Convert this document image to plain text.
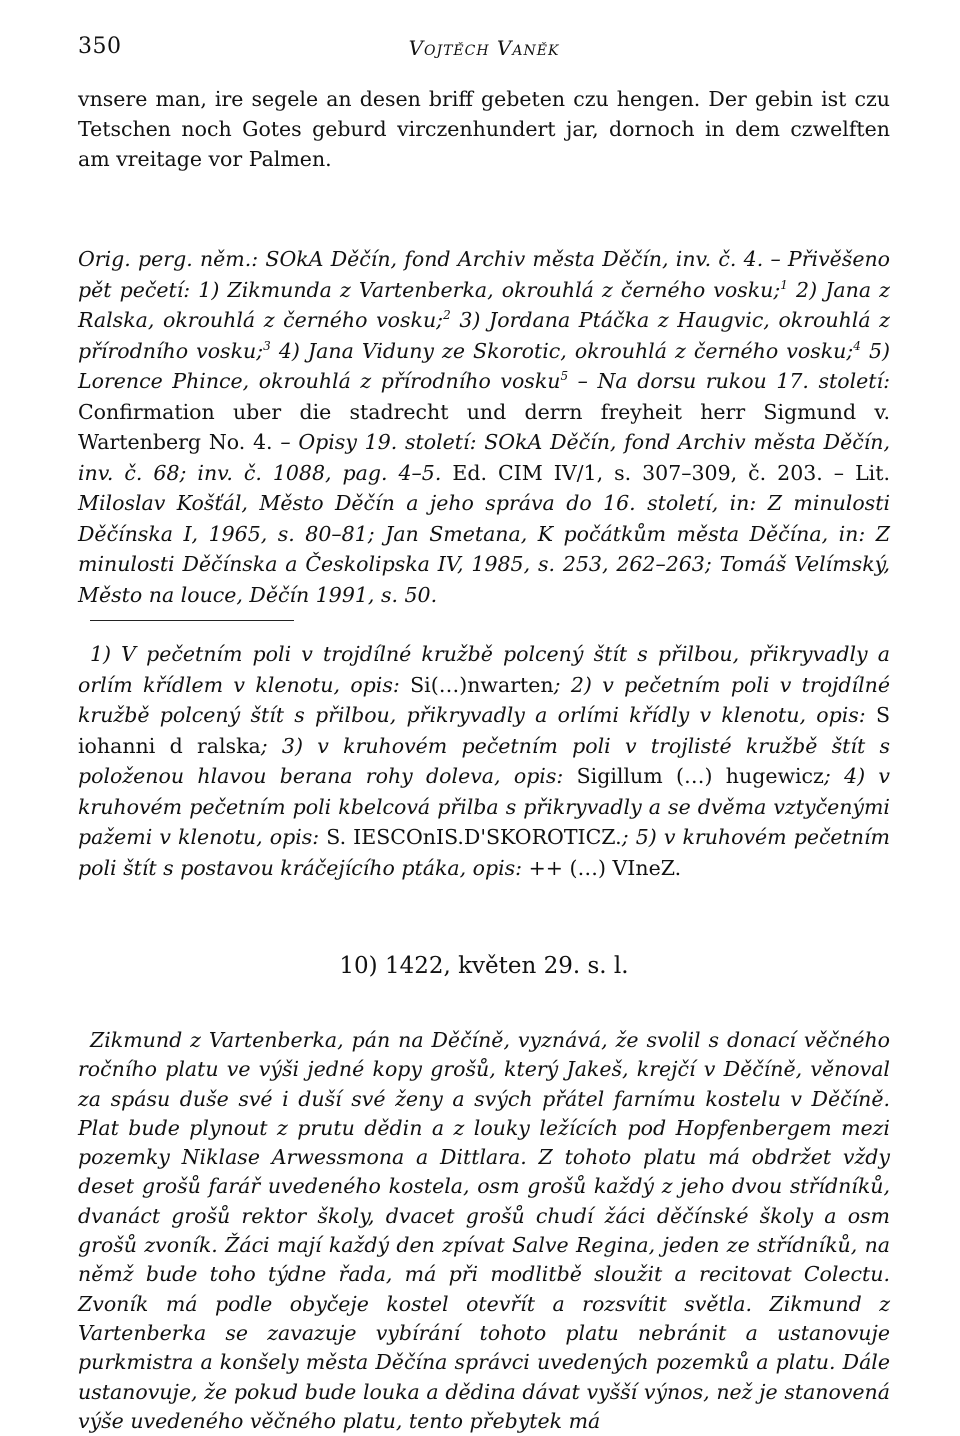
350	Vojtěch Vaněk

vnsere man, ire segele an desen briff gebeten czu hengen. Der gebin ist czu Tetschen noch Gotes geburd virczenhundert jar, dornoch in dem czwelften am vreitage vor Palmen.

Orig. perg. něm.: SOkA Děčín, fond Archiv města Děčín, inv. č. 4. – Přivěšeno pět pečetí: 1) Zikmunda z Vartenberka, okrouhlá z černého vosku;$^1$ 2) Jana z Ralska, okrouhlá z černého vosku;$^2$ 3) Jordana Ptáčka z Haugvic, okrouhlá z přírodního vosku;$^3$ 4) Jana Viduny ze Skorotic, okrouhlá z černého vosku;$^4$ 5) Lorence Phince, okrouhlá z přírodního vosku$^5$ – Na dorsu rukou 17. století: Confirmation uber die stadrecht und derrn freyheit herr Sigmund v. Wartenberg No. 4. – Opisy 19. století: SOkA Děčín, fond Archiv města Děčín, inv. č. 68; inv. č. 1088, pag. 4–5. Ed. CIM IV/1, s. 307–309, č. 203. – Lit. Miloslav Košťál, Město Děčín a jeho správa do 16. století, in: Z minulosti Děčínska I, 1965, s. 80–81; Jan Smetana, K počátkům města Děčína, in: Z minulosti Děčínska a Českolipska IV, 1985, s. 253, 262–263; Tomáš Velímský, Město na louce, Děčín 1991, s. 50.

1) V pečetním poli v trojdílné kružbě polcený štít s přilbou, přikryvadly a orlím křídlem v klenotu, opis: Si(…)nwarten; 2) v pečetním poli v trojdílné kružbě polcený štít s přilbou, přikryvadly a orlími křídly v klenotu, opis: S iohanni d ralska; 3) v kruhovém pečetním poli v trojlisté kružbě štít s položenou hlavou berana rohy doleva, opis: Sigillum (…) hugewicz; 4) v kruhovém pečetním poli kbelcová přilba s přikryvadly a se dvěma vztyčenými pažemi v klenotu, opis: S. IESCOnIS.D'SKOROTICZ.; 5) v kruhovém pečetním poli štít s postavou kráčejícího ptáka, opis: ++ (…) VIneZ.

10) 1422, květen 29. s. l.

Zikmund z Vartenberka, pán na Děčíně, vyznává, že svolil s donací věčného ročního platu ve výši jedné kopy grošů, který Jakeš, krejčí v Děčíně, věnoval za spásu duše své i duší své ženy a svých přátel farnímu kostelu v Děčíně. Plat bude plynout z prutu dědin a z louky ležících pod Hopfenbergem mezi pozemky Niklase Arwessmona a Dittlara. Z tohoto platu má obdržet vždy deset grošů farář uvedeného kostela, osm grošů každý z jeho dvou střídníků, dvanáct grošů rektor školy, dvacet grošů chudí žáci děčínské školy a osm grošů zvoník. Žáci mají každý den zpívat Salve Regina, jeden ze střídníků, na němž bude toho týdne řada, má při modlitbě sloužit a recitovat Colectu. Zvoník má podle obyčeje kostel otevřít a rozsvítit světla. Zikmund z Vartenberka se zavazuje vybírání tohoto platu nebránit a ustanovuje purkmistra a konšely města Děčína správci uvedených pozemků a platu. Dále ustanovuje, že pokud bude louka a dědina dávat vyšší výnos, než je stanovená výše uvedeného věčného platu, tento přebytek má
